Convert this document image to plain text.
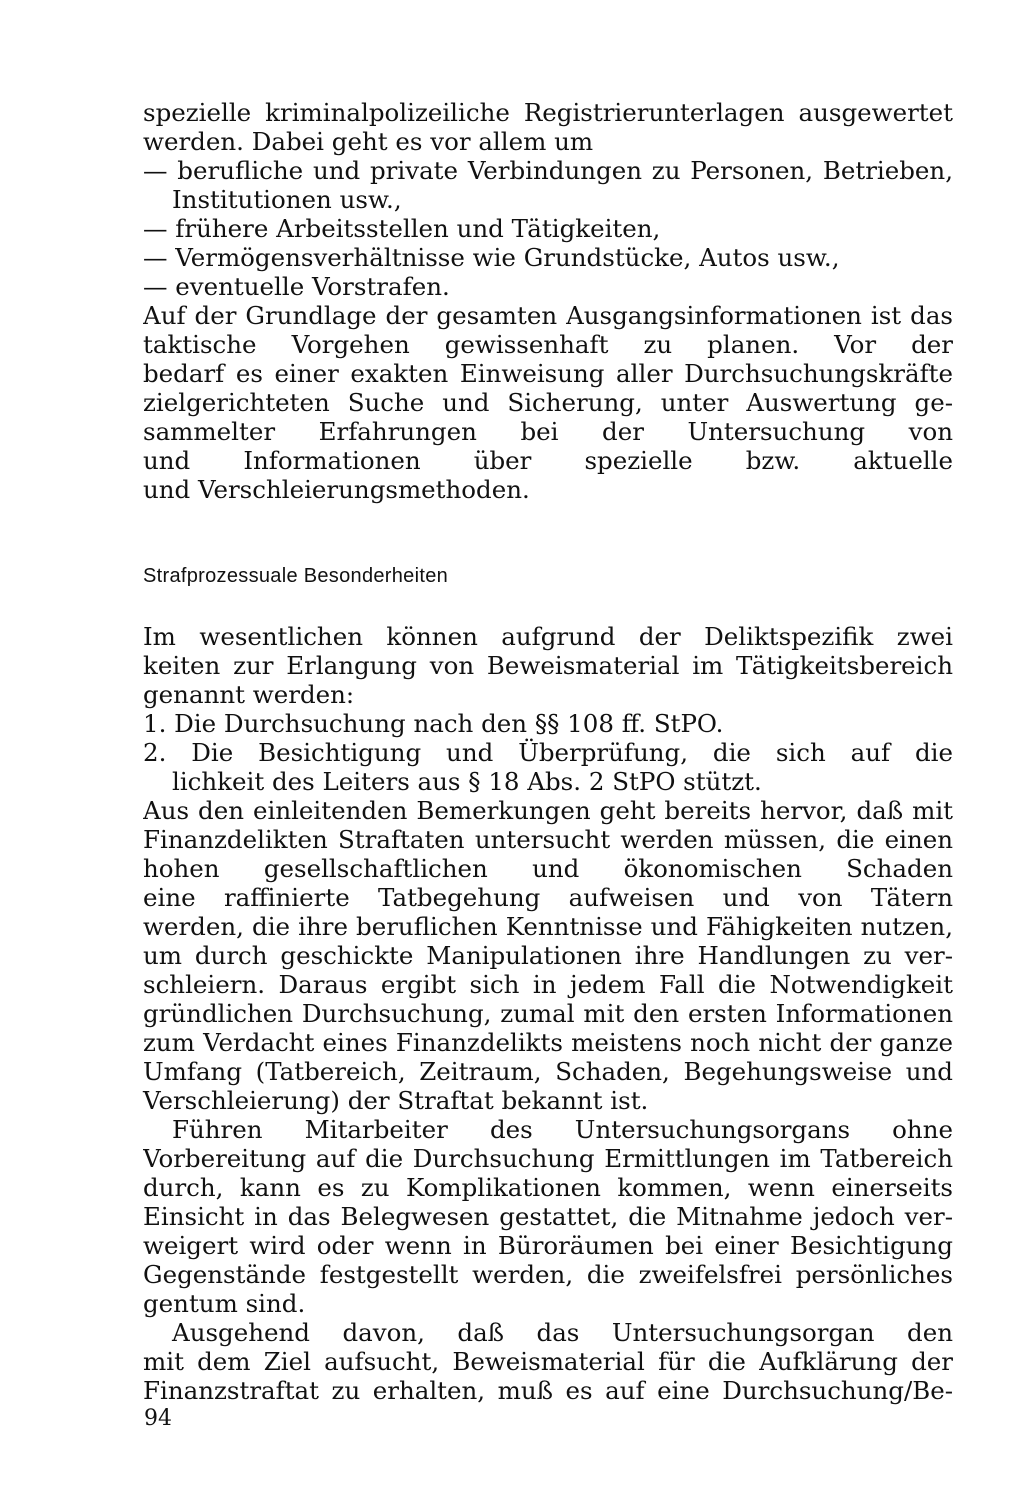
spezielle kriminalpolizeiliche Registrierunterlagen ausgewertet
werden. Dabei geht es vor allem um
— berufliche und private Verbindungen zu Personen, Betrieben,
Institutionen usw.,
— frühere Arbeitsstellen und Tätigkeiten,
— Vermögensverhältnisse wie Grundstücke, Autos usw.,
— eventuelle Vorstrafen.
Auf der Grundlage der gesamten Ausgangsinformationen ist das
taktische Vorgehen gewissenhaft zu planen. Vor der
bedarf es einer exakten Einweisung aller Durchsuchungskräfte
zielgerichteten Suche und Sicherung, unter Auswertung ge-
sammelter Erfahrungen bei der Untersuchung von
und Informationen über spezielle bzw. aktuelle
und Verschleierungsmethoden.
Strafprozessuale Besonderheiten
Im wesentlichen können aufgrund der Deliktspezifik zwei
keiten zur Erlangung von Beweismaterial im Tätigkeitsbereich
genannt werden:
1. Die Durchsuchung nach den §§ 108 ff. StPO.
2. Die Besichtigung und Überprüfung, die sich auf die
lichkeit des Leiters aus § 18 Abs. 2 StPO stützt.
Aus den einleitenden Bemerkungen geht bereits hervor, daß mit
Finanzdelikten Straftaten untersucht werden müssen, die einen
hohen gesellschaftlichen und ökonomischen Schaden
eine raffinierte Tatbegehung aufweisen und von Tätern
werden, die ihre beruflichen Kenntnisse und Fähigkeiten nutzen,
um durch geschickte Manipulationen ihre Handlungen zu ver-
schleiern. Daraus ergibt sich in jedem Fall die Notwendigkeit
gründlichen Durchsuchung, zumal mit den ersten Informationen
zum Verdacht eines Finanzdelikts meistens noch nicht der ganze
Umfang (Tatbereich, Zeitraum, Schaden, Begehungsweise und
Verschleierung) der Straftat bekannt ist.
Führen Mitarbeiter des Untersuchungsorgans ohne
Vorbereitung auf die Durchsuchung Ermittlungen im Tatbereich
durch, kann es zu Komplikationen kommen, wenn einerseits
Einsicht in das Belegwesen gestattet, die Mitnahme jedoch ver-
weigert wird oder wenn in Büroräumen bei einer Besichtigung
Gegenstände festgestellt werden, die zweifelsfrei persönliches
gentum sind.
Ausgehend davon, daß das Untersuchungsorgan den
mit dem Ziel aufsucht, Beweismaterial für die Aufklärung der
Finanzstraftat zu erhalten, muß es auf eine Durchsuchung/Be-
94
